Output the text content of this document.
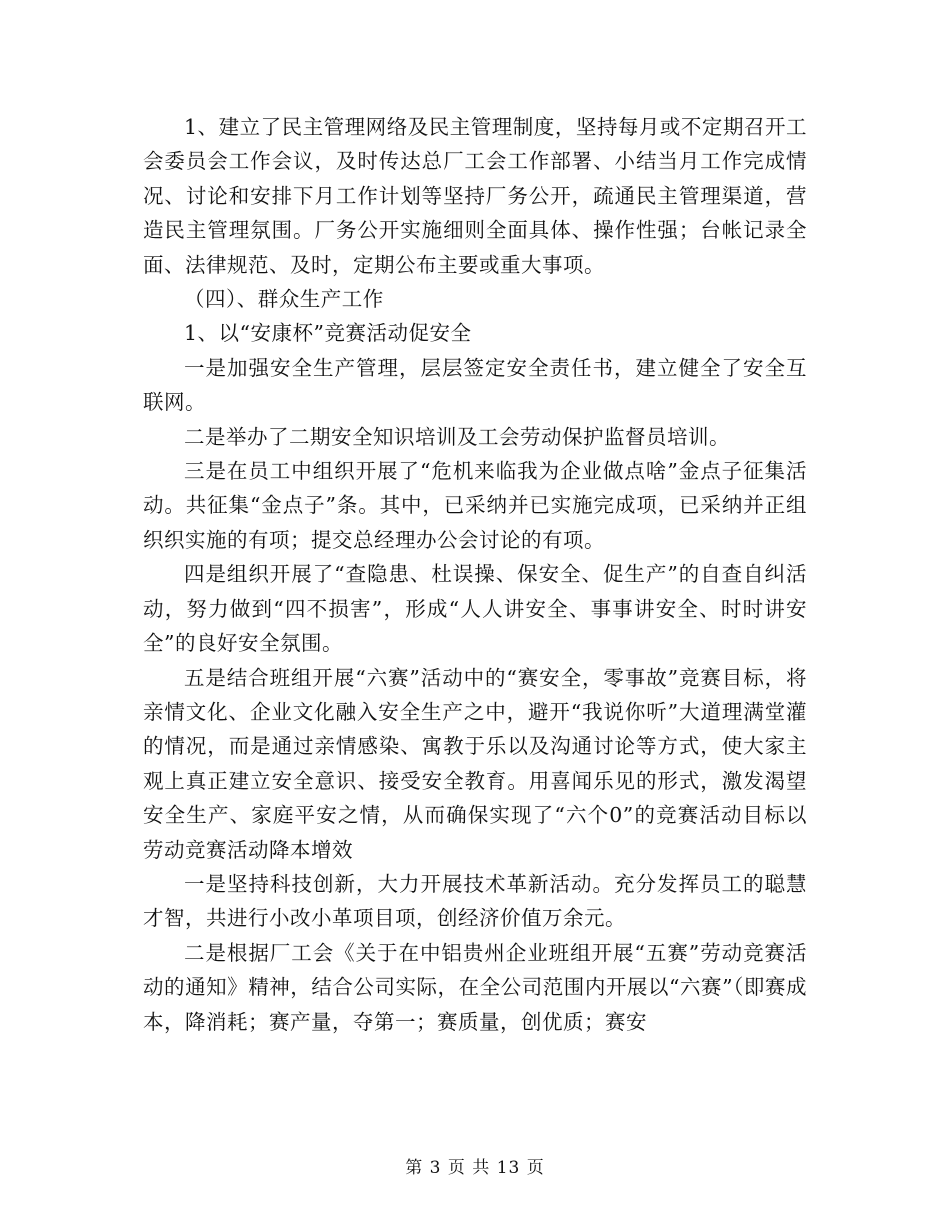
1、建立了民主管理网络及民主管理制度，坚持每月或不定期召开工会委员会工作会议，及时传达总厂工会工作部署、小结当月工作完成情况、讨论和安排下月工作计划等坚持厂务公开，疏通民主管理渠道，营造民主管理氛围。厂务公开实施细则全面具体、操作性强；台帐记录全面、法律规范、及时，定期公布主要或重大事项。

（四）、群众生产工作

1、以“安康杯”竞赛活动促安全

一是加强安全生产管理，层层签定安全责任书，建立健全了安全互联网。

二是举办了二期安全知识培训及工会劳动保护监督员培训。

三是在员工中组织开展了“危机来临我为企业做点啥”金点子征集活动。共征集“金点子”条。其中，已采纳并已实施完成项，已采纳并正组织织实施的有项；提交总经理办公会讨论的有项。

四是组织开展了“查隐患、杜误操、保安全、促生产”的自查自纠活动，努力做到“四不损害”，形成“人人讲安全、事事讲安全、时时讲安全”的良好安全氛围。

五是结合班组开展“六赛”活动中的“赛安全，零事故”竞赛目标，将亲情文化、企业文化融入安全生产之中，避开“我说你听”大道理满堂灌的情况，而是通过亲情感染、寓教于乐以及沟通讨论等方式，使大家主观上真正建立安全意识、接受安全教育。用喜闻乐见的形式，激发渴望安全生产、家庭平安之情，从而确保实现了“六个0”的竞赛活动目标以劳动竞赛活动降本增效

一是坚持科技创新，大力开展技术革新活动。充分发挥员工的聪慧才智，共进行小改小革项目项，创经济价值万余元。

二是根据厂工会《关于在中铝贵州企业班组开展“五赛”劳动竞赛活动的通知》精神，结合公司实际，在全公司范围内开展以“六赛”（即赛成本，降消耗；赛产量，夺第一；赛质量，创优质；赛安

第 3 页 共 13 页
